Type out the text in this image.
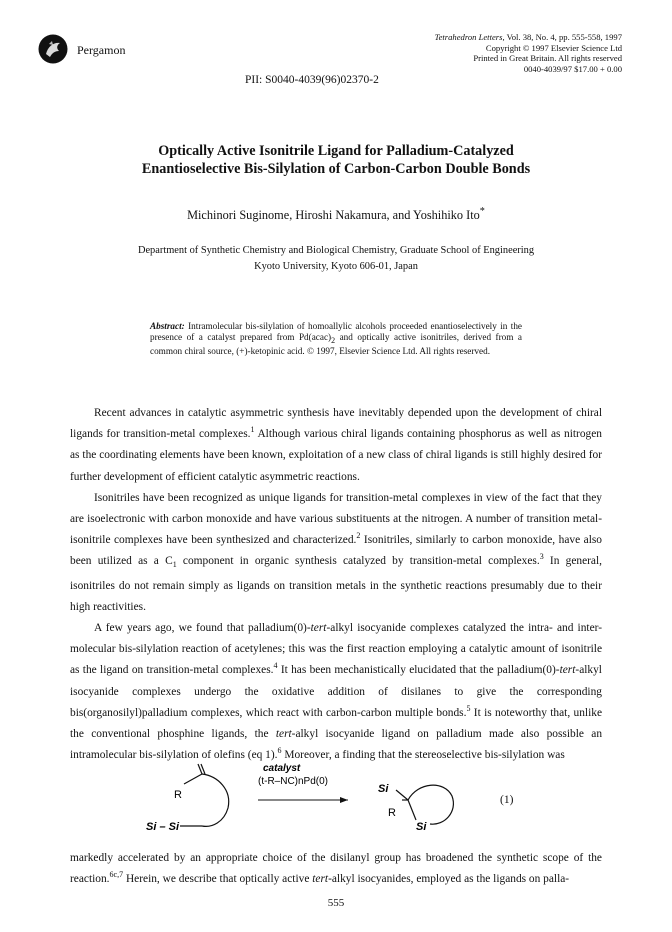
Pergamon
Tetrahedron Letters, Vol. 38, No. 4, pp. 555-558, 1997
Copyright © 1997 Elsevier Science Ltd
Printed in Great Britain. All rights reserved
0040-4039/97 $17.00 + 0.00
PII: S0040-4039(96)02370-2
Optically Active Isonitrile Ligand for Palladium-Catalyzed
Enantioselective Bis-Silylation of Carbon-Carbon Double Bonds
Michinori Suginome, Hiroshi Nakamura, and Yoshihiko Ito*
Department of Synthetic Chemistry and Biological Chemistry, Graduate School of Engineering
Kyoto University, Kyoto 606-01, Japan
Abstract: Intramolecular bis-silylation of homoallylic alcohols proceeded enantioselectively in the presence of a catalyst prepared from Pd(acac)2 and optically active isonitriles, derived from a common chiral source, (+)-ketopinic acid. © 1997, Elsevier Science Ltd. All rights reserved.

Recent advances in catalytic asymmetric synthesis have inevitably depended upon the development of chiral ligands for transition-metal complexes.$^1$ Although various chiral ligands containing phosphorus as well as nitrogen as the coordinating elements have been known, exploitation of a new class of chiral ligands is still highly desired for further development of efficient catalytic asymmetric reactions.

Isonitriles have been recognized as unique ligands for transition-metal complexes in view of the fact that they are isoelectronic with carbon monoxide and have various substituents at the nitrogen. A number of transition metal-isonitrile complexes have been synthesized and characterized.$^2$ Isonitriles, similarly to carbon monoxide, have also been utilized as a $C_1$ component in organic synthesis catalyzed by transition-metal complexes.$^3$ In general, isonitriles do not remain simply as ligands on transition metals in the synthetic reactions presumably due to their high reactivities.

A few years ago, we found that palladium(0)-tert-alkyl isocyanide complexes catalyzed the intra- and inter-molecular bis-silylation reaction of acetylenes; this was the first reaction employing a catalytic amount of isonitrile as the ligand on transition-metal complexes.$^4$ It has been mechanistically elucidated that the palladium(0)-tert-alkyl isocyanide complexes undergo the oxidative addition of disilanes to give the corresponding bis(organosilyl)palladium complexes, which react with carbon-carbon multiple bonds.$^5$ It is noteworthy that, unlike the conventional phosphine ligands, the tert-alkyl isocyanide ligand on palladium made also possible an intramolecular bis-silylation of olefins (eq 1).$^6$ Moreover, a finding that the stereoselective bis-silylation was

R
Si – Si
catalyst
(t-R–NC)nPd(0)
Si
R
Si
(1)
markedly accelerated by an appropriate choice of the disilanyl group has broadened the synthetic scope of the reaction.$^{6c,7}$ Herein, we describe that optically active tert-alkyl isocyanides, employed as the ligands on palla-
555
